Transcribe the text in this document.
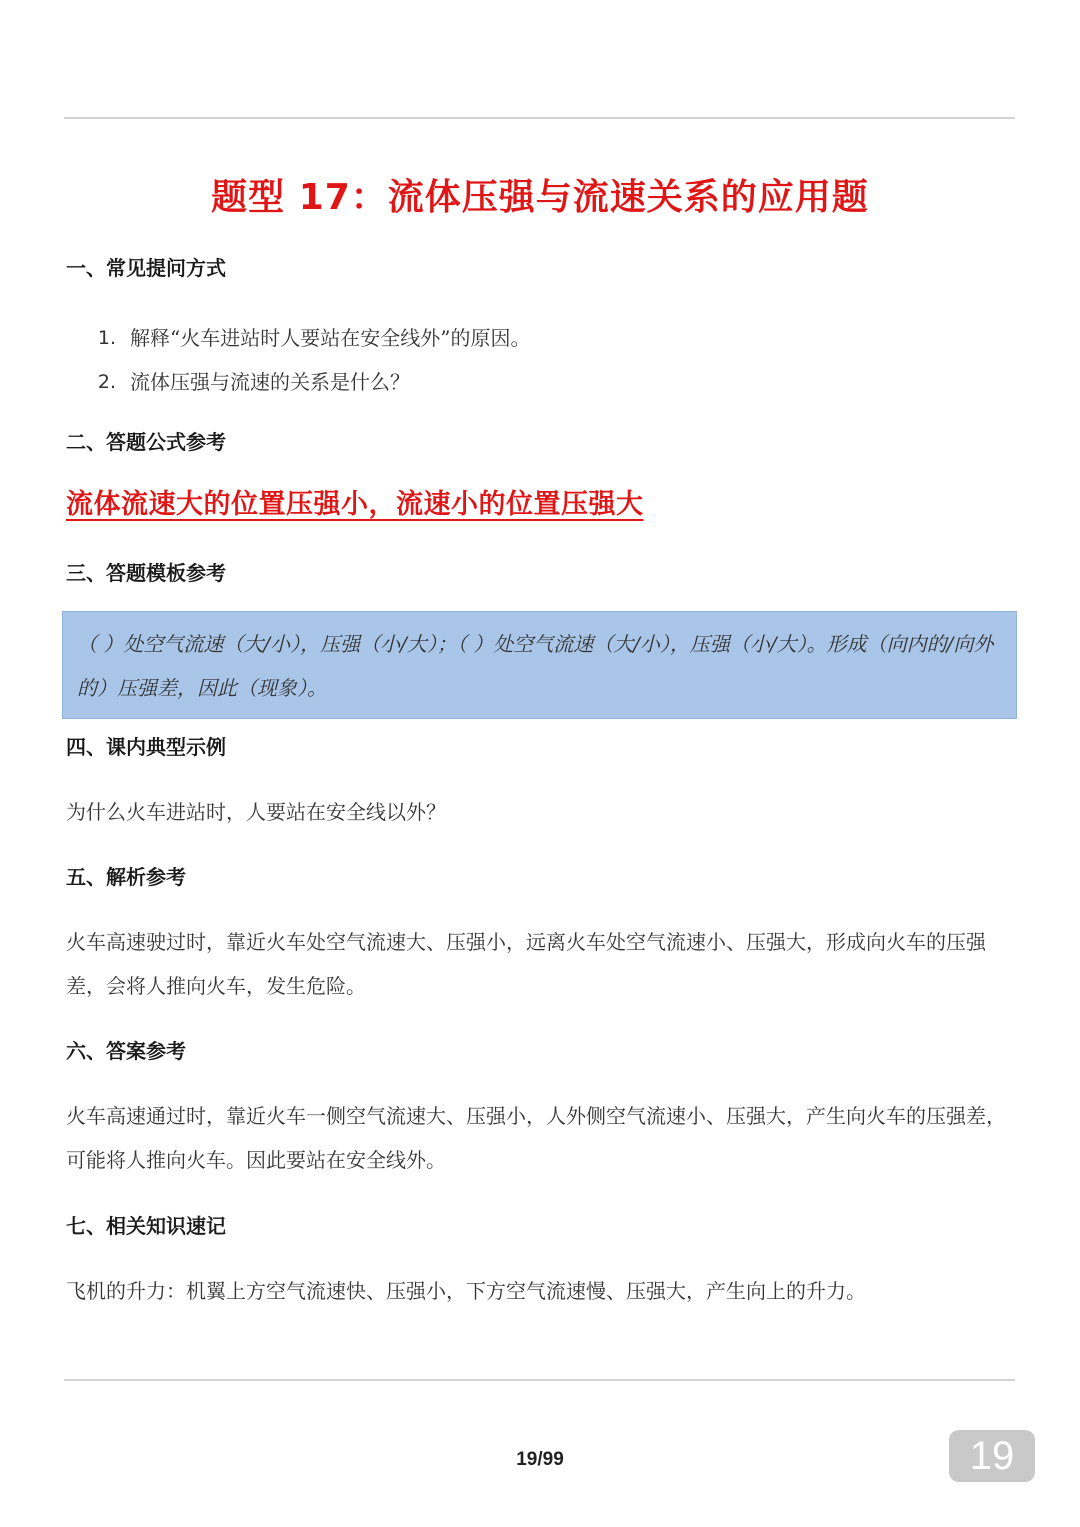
题型 17：流体压强与流速关系的应用题
一、常见提问方式
1. 解释“火车进站时人要站在安全线外”的原因。
2. 流体压强与流速的关系是什么？
二、答题公式参考
流体流速大的位置压强小，流速小的位置压强大
三、答题模板参考
（ ）处空气流速（大/小），压强（小/大）；（ ）处空气流速（大/小），压强（小/大）。形成（向内的/向外的）压强差，因此（现象）。
四、课内典型示例

为什么火车进站时，人要站在安全线以外？

五、解析参考

火车高速驶过时，靠近火车处空气流速大、压强小，远离火车处空气流速小、压强大，形成向火车的压强差，会将人推向火车，发生危险。

六、答案参考

火车高速通过时，靠近火车一侧空气流速大、压强小，人外侧空气流速小、压强大，产生向火车的压强差，可能将人推向火车。因此要站在安全线外。

七、相关知识速记

飞机的升力：机翼上方空气流速快、压强小，下方空气流速慢、压强大，产生向上的升力。

19/99	19
